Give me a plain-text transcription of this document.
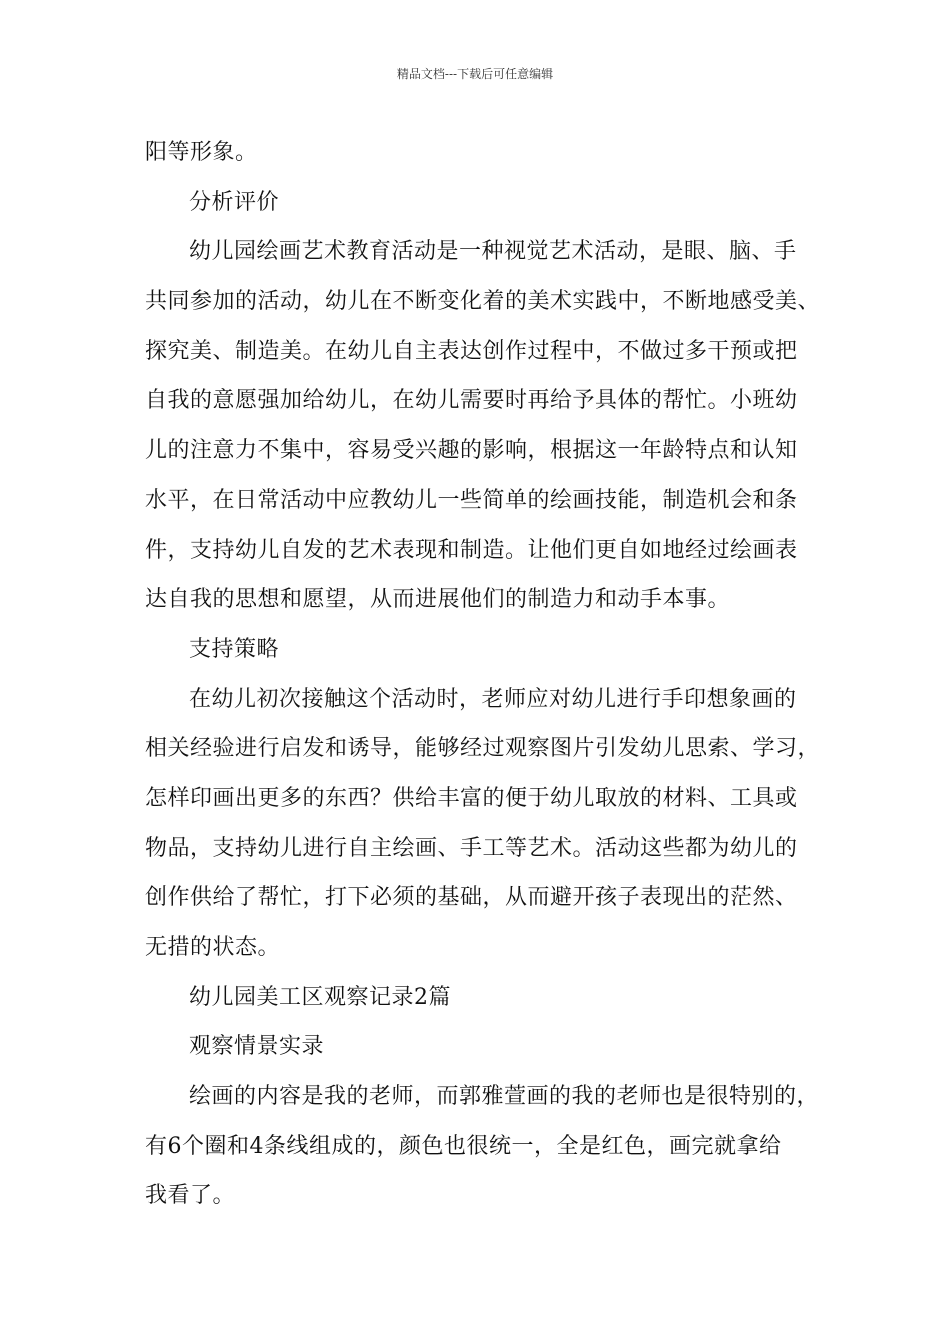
精品文档---下载后可任意编辑
阳等形象。
分析评价
幼儿园绘画艺术教育活动是一种视觉艺术活动，是眼、脑、手
共同参加的活动，幼儿在不断变化着的美术实践中，不断地感受美、
探究美、制造美。在幼儿自主表达创作过程中，不做过多干预或把
自我的意愿强加给幼儿，在幼儿需要时再给予具体的帮忙。小班幼
儿的注意力不集中，容易受兴趣的影响，根据这一年龄特点和认知
水平，在日常活动中应教幼儿一些简单的绘画技能，制造机会和条
件，支持幼儿自发的艺术表现和制造。让他们更自如地经过绘画表
达自我的思想和愿望，从而进展他们的制造力和动手本事。
支持策略
在幼儿初次接触这个活动时，老师应对幼儿进行手印想象画的
相关经验进行启发和诱导，能够经过观察图片引发幼儿思索、学习，
怎样印画出更多的东西？供给丰富的便于幼儿取放的材料、工具或
物品，支持幼儿进行自主绘画、手工等艺术。活动这些都为幼儿的
创作供给了帮忙，打下必须的基础，从而避开孩子表现出的茫然、
无措的状态。
幼儿园美工区观察记录2篇
观察情景实录
绘画的内容是我的老师，而郭雅萱画的我的老师也是很特别的，
有6个圈和4条线组成的，颜色也很统一，全是红色，画完就拿给
我看了。
